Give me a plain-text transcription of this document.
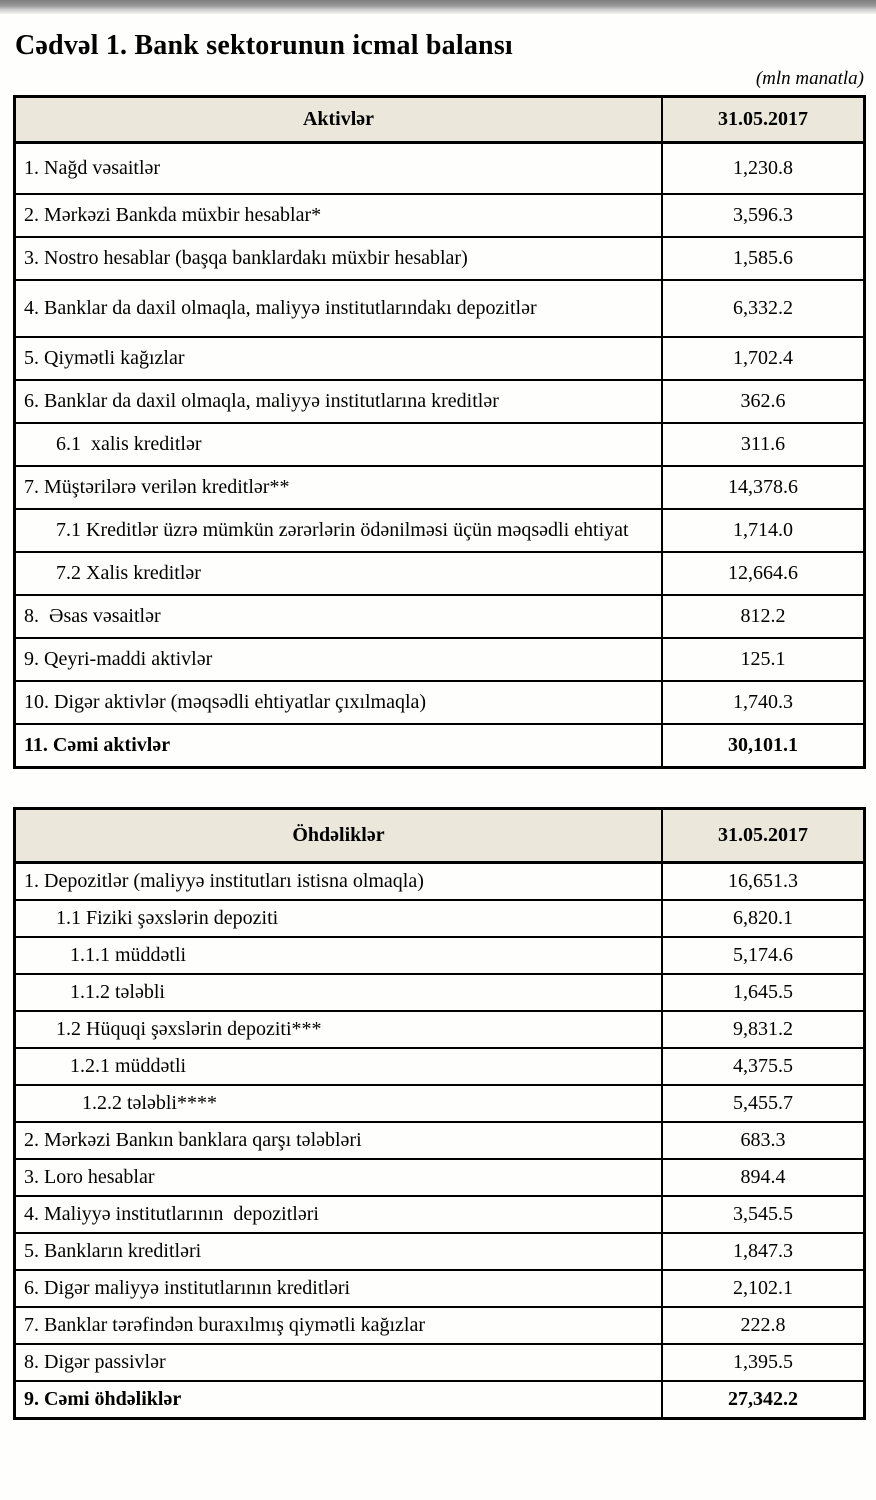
Cədvəl 1. Bank sektorunun icmal balansı
(mln manatla)
Aktivlər	31.05.2017
1. Nağd vəsaitlər	1,230.8
2. Mərkəzi Bankda müxbir hesablar*	3,596.3
3. Nostro hesablar (başqa banklardakı müxbir hesablar)	1,585.6
4. Banklar da daxil olmaqla, maliyyə institutlarındakı depozitlər	6,332.2
5. Qiymətli kağızlar	1,702.4
6. Banklar da daxil olmaqla, maliyyə institutlarına kreditlər	362.6
6.1  xalis kreditlər	311.6
7. Müştərilərə verilən kreditlər**	14,378.6
7.1 Kreditlər üzrə mümkün zərərlərin ödənilməsi üçün məqsədli ehtiyat	1,714.0
7.2 Xalis kreditlər	12,664.6
8.  Əsas vəsaitlər	812.2
9. Qeyri-maddi aktivlər	125.1
10. Digər aktivlər (məqsədli ehtiyatlar çıxılmaqla)	1,740.3
11. Cəmi aktivlər	30,101.1
Öhdəliklər	31.05.2017
1. Depozitlər (maliyyə institutları istisna olmaqla)	16,651.3
1.1 Fiziki şəxslərin depoziti	6,820.1
1.1.1 müddətli	5,174.6
1.1.2 tələbli	1,645.5
1.2 Hüquqi şəxslərin depoziti***	9,831.2
1.2.1 müddətli	4,375.5
1.2.2 tələbli****	5,455.7
2. Mərkəzi Bankın banklara qarşı tələbləri	683.3
3. Loro hesablar	894.4
4. Maliyyə institutlarının  depozitləri	3,545.5
5. Bankların kreditləri	1,847.3
6. Digər maliyyə institutlarının kreditləri	2,102.1
7. Banklar tərəfindən buraxılmış qiymətli kağızlar	222.8
8. Digər passivlər	1,395.5
9. Cəmi öhdəliklər	27,342.2
